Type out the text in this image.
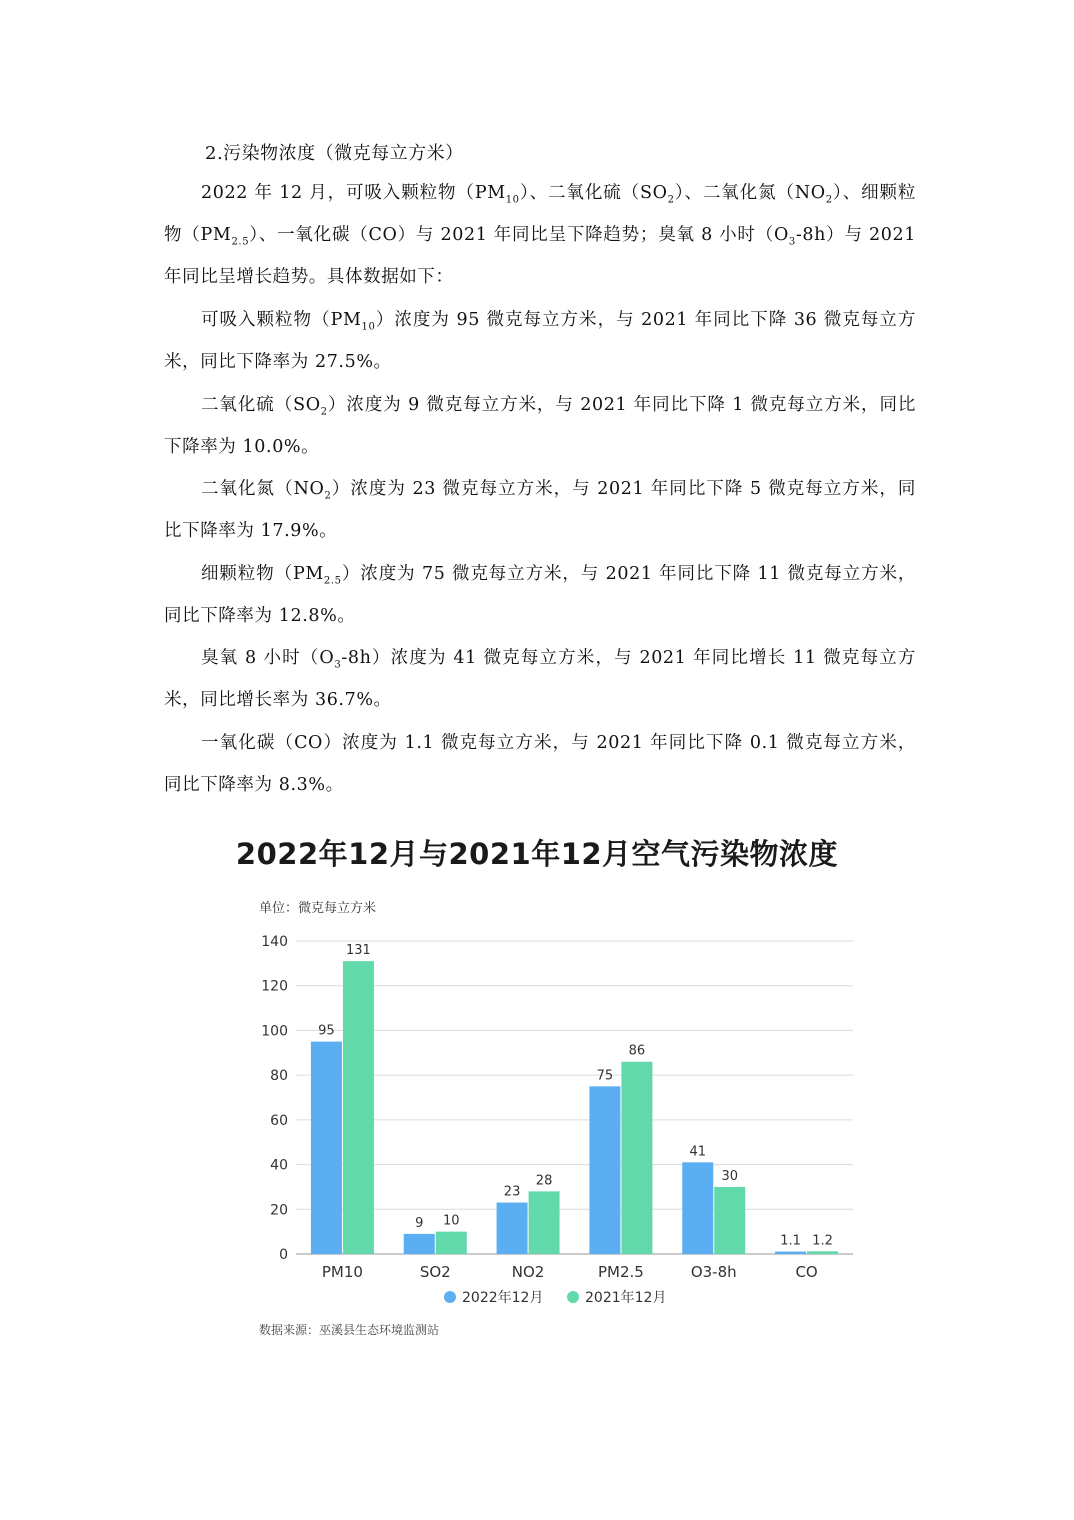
2.污染物浓度（微克每立方米）

2022 年 12 月，可吸入颗粒物$(PM_{10})$、二氧化硫$(SO_2)$、二氧化氮$(NO_2)$、细颗粒物$(PM_{2.5})$、一氧化碳（CO）与 2021 年同比呈下降趋势；臭氧 8 小时$(O_3-8h)$与 2021 年同比呈增长趋势。具体数据如下：

可吸入颗粒物$(PM_{10})$浓度为 95 微克每立方米，与 2021 年同比下降 36 微克每立方米，同比下降率为 27.5%。

二氧化硫$(SO_2)$浓度为 9 微克每立方米，与 2021 年同比下降 1 微克每立方米，同比下降率为 10.0%。

二氧化氮$(NO_2)$浓度为 23 微克每立方米，与 2021 年同比下降 5 微克每立方米，同比下降率为 17.9%。

细颗粒物$(PM_{2.5})$浓度为 75 微克每立方米，与 2021 年同比下降 11 微克每立方米，同比下降率为 12.8%。

臭氧 8 小时$(O_3-8h)$浓度为 41 微克每立方米，与 2021 年同比增长 11 微克每立方米，同比增长率为 36.7%。

一氧化碳（CO）浓度为 1.1 微克每立方米，与 2021 年同比下降 0.1 微克每立方米，同比下降率为 8.3%。

2022年12月与2021年12月空气污染物浓度
单位：微克每立方米
0
20
40
60
80
100
120
140
95
131
PM10
9 10
SO2
23
28
NO2
75
86
PM2.5
41
30
O3-8h
1.1 1.2
CO
2022年12月	2021年12月
数据来源：巫溪县生态环境监测站
